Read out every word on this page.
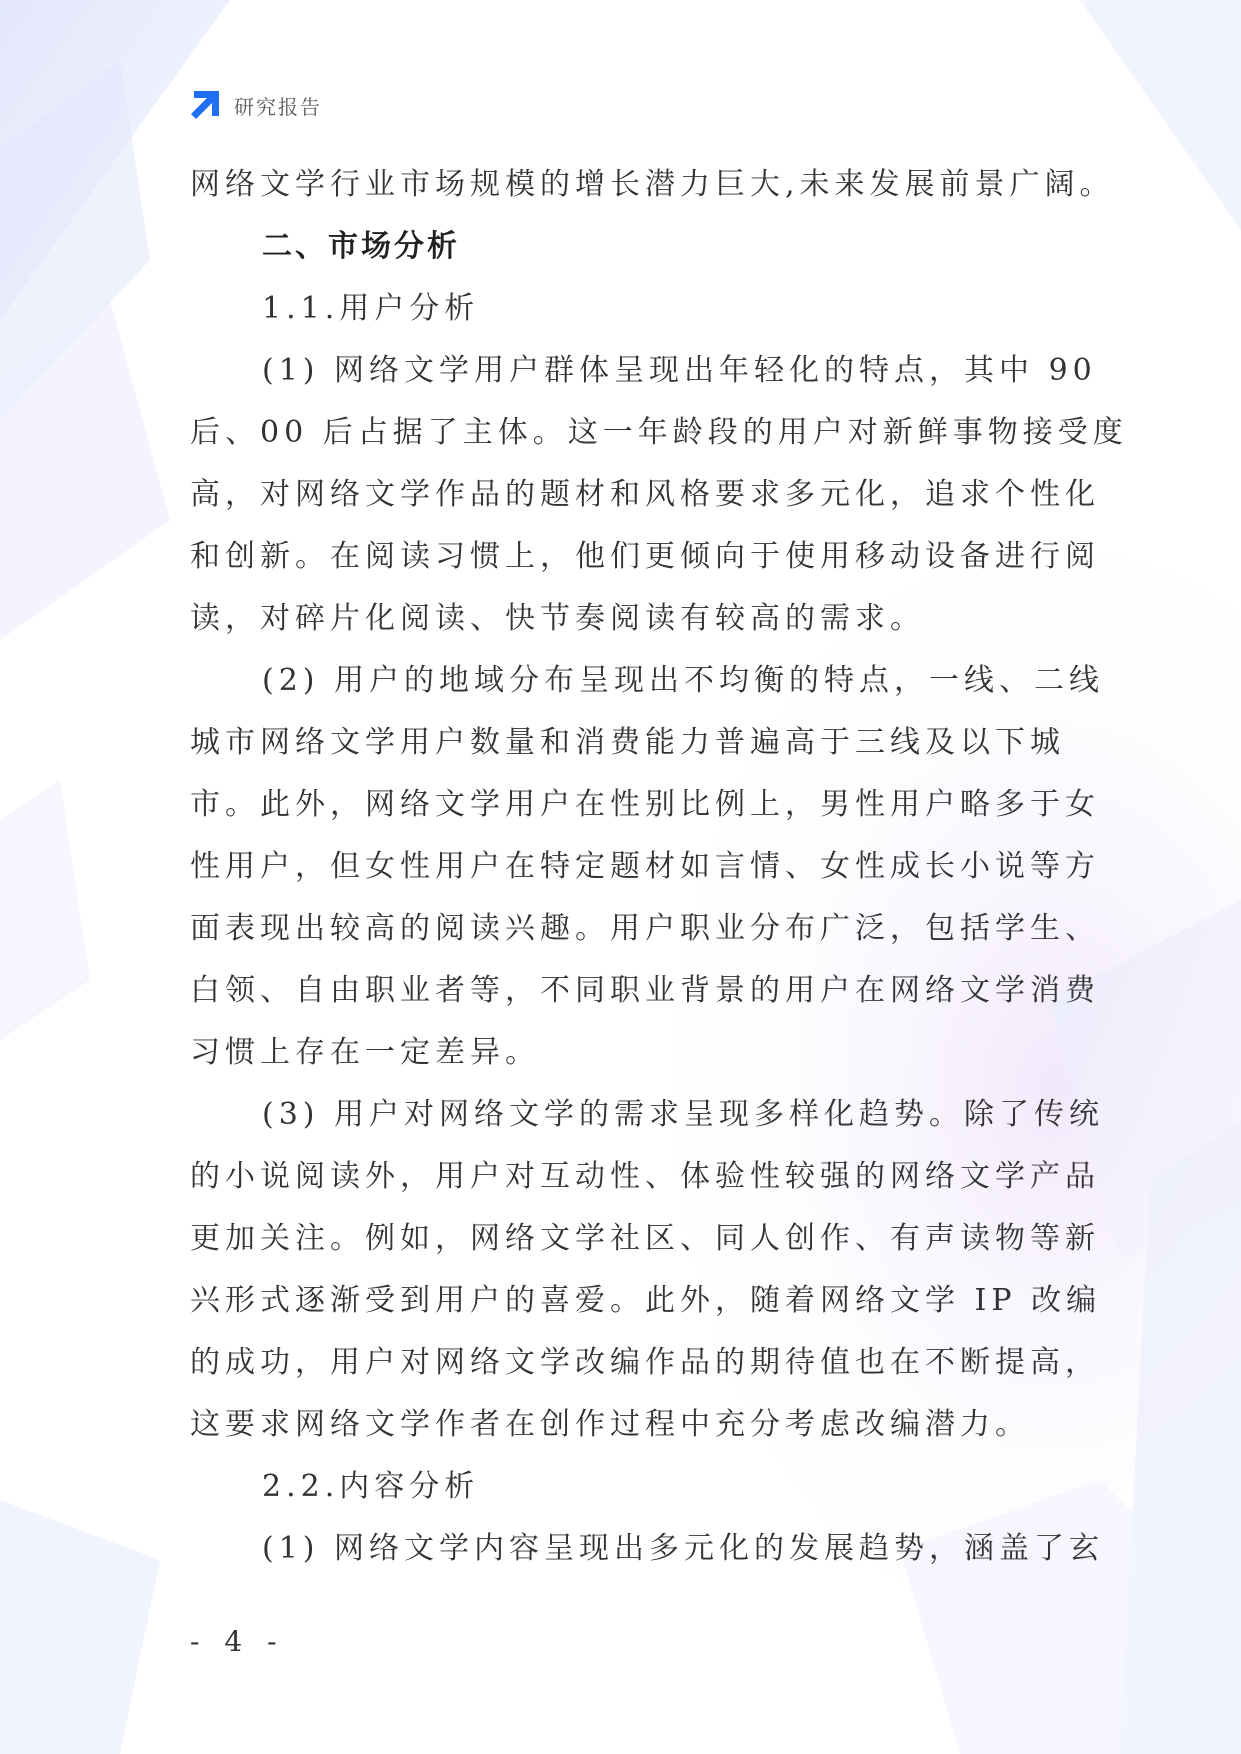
研究报告
网络文学行业市场规模的增长潜力巨大,未来发展前景广阔。
二、市场分析
1.1.用户分析
(1) 网络文学用户群体呈现出年轻化的特点，其中 90
后、00 后占据了主体。这一年龄段的用户对新鲜事物接受度
高，对网络文学作品的题材和风格要求多元化，追求个性化
和创新。在阅读习惯上，他们更倾向于使用移动设备进行阅
读，对碎片化阅读、快节奏阅读有较高的需求。
(2) 用户的地域分布呈现出不均衡的特点，一线、二线
城市网络文学用户数量和消费能力普遍高于三线及以下城
市。此外，网络文学用户在性别比例上，男性用户略多于女
性用户，但女性用户在特定题材如言情、女性成长小说等方
面表现出较高的阅读兴趣。用户职业分布广泛，包括学生、
白领、自由职业者等，不同职业背景的用户在网络文学消费
习惯上存在一定差异。
(3) 用户对网络文学的需求呈现多样化趋势。除了传统
的小说阅读外，用户对互动性、体验性较强的网络文学产品
更加关注。例如，网络文学社区、同人创作、有声读物等新
兴形式逐渐受到用户的喜爱。此外，随着网络文学 IP 改编
的成功，用户对网络文学改编作品的期待值也在不断提高，
这要求网络文学作者在创作过程中充分考虑改编潜力。
2.2.内容分析
(1) 网络文学内容呈现出多元化的发展趋势，涵盖了玄
- 4 -
